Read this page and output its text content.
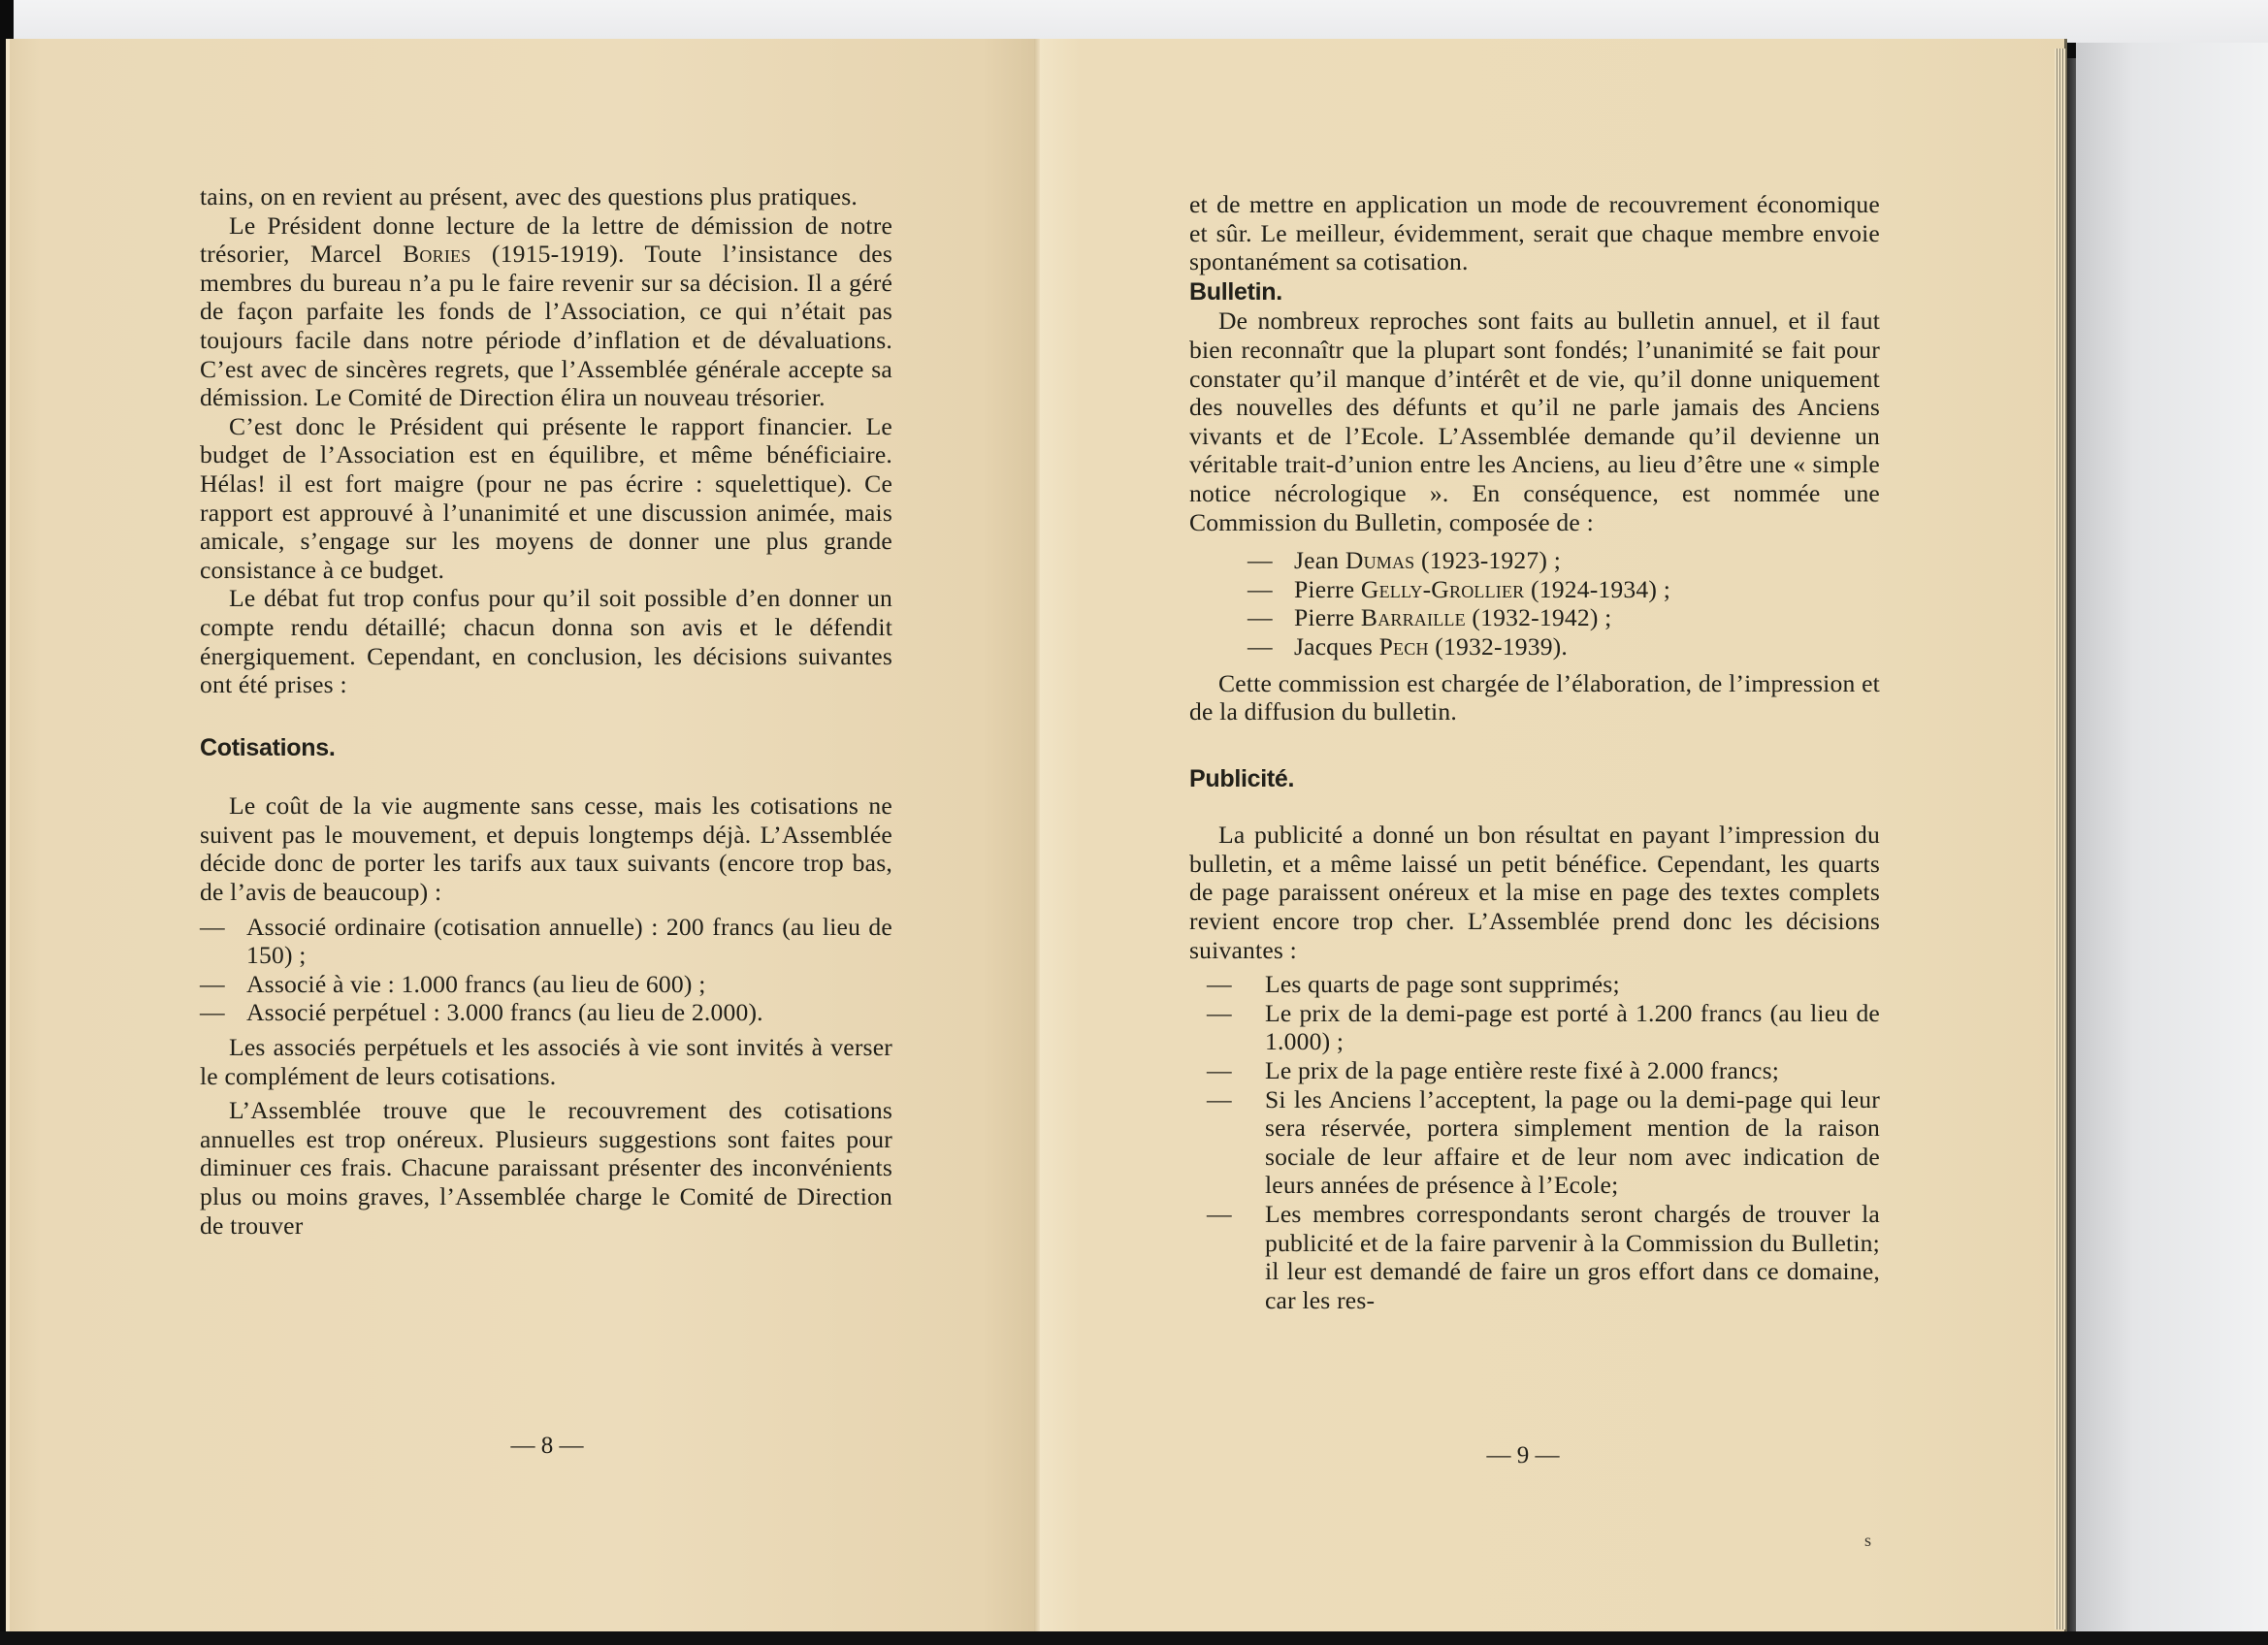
tains, on en revient au présent, avec des questions plus pratiques.

Le Président donne lecture de la lettre de démission de notre trésorier, Marcel Bories (1915-1919). Toute l’insistance des membres du bureau n’a pu le faire revenir sur sa décision. Il a géré de façon parfaite les fonds de l’Association, ce qui n’était pas toujours facile dans notre période d’inflation et de dévaluations. C’est avec de sincères regrets, que l’Assemblée générale accepte sa démission. Le Comité de Direction élira un nouveau trésorier.

C’est donc le Président qui présente le rapport financier. Le budget de l’Association est en équilibre, et même bénéficiaire. Hélas! il est fort maigre (pour ne pas écrire : squelettique). Ce rapport est approuvé à l’unanimité et une discussion animée, mais amicale, s’engage sur les moyens de donner une plus grande consistance à ce budget.

Le débat fut trop confus pour qu’il soit possible d’en donner un compte rendu détaillé; chacun donna son avis et le défendit énergiquement. Cependant, en conclusion, les décisions suivantes ont été prises :

Cotisations.

Le coût de la vie augmente sans cesse, mais les cotisations ne suivent pas le mouvement, et depuis longtemps déjà. L’Assemblée décide donc de porter les tarifs aux taux suivants (encore trop bas, de l’avis de beaucoup) :

— Associé ordinaire (cotisation annuelle) : 200 francs (au lieu de 150) ;
— Associé à vie : 1.000 francs (au lieu de 600) ;
— Associé perpétuel : 3.000 francs (au lieu de 2.000).

Les associés perpétuels et les associés à vie sont invités à verser le complément de leurs cotisations.

L’Assemblée trouve que le recouvrement des cotisations annuelles est trop onéreux. Plusieurs suggestions sont faites pour diminuer ces frais. Chacune paraissant présenter des inconvénients plus ou moins graves, l’Assemblée charge le Comité de Direction de trouver

— 8 —

et de mettre en application un mode de recouvrement économique et sûr. Le meilleur, évidemment, serait que chaque membre envoie spontanément sa cotisation.

Bulletin.

De nombreux reproches sont faits au bulletin annuel, et il faut bien reconnaîtr que la plupart sont fondés; l’unanimité se fait pour constater qu’il manque d’intérêt et de vie, qu’il donne uniquement des nouvelles des défunts et qu’il ne parle jamais des Anciens vivants et de l’Ecole. L’Assemblée demande qu’il devienne un véritable trait-d’union entre les Anciens, au lieu d’être une « simple notice nécrologique ». En conséquence, est nommée une Commission du Bulletin, composée de :

— Jean Dumas (1923-1927) ;
— Pierre Gelly-Grollier (1924-1934) ;
— Pierre Barraille (1932-1942) ;
— Jacques Pech (1932-1939).

Cette commission est chargée de l’élaboration, de l’impression et de la diffusion du bulletin.

Publicité.

La publicité a donné un bon résultat en payant l’impression du bulletin, et a même laissé un petit bénéfice. Cependant, les quarts de page paraissent onéreux et la mise en page des textes complets revient encore trop cher. L’Assemblée prend donc les décisions suivantes :

— Les quarts de page sont supprimés;
— Le prix de la demi-page est porté à 1.200 francs (au lieu de 1.000) ;
— Le prix de la page entière reste fixé à 2.000 francs;
— Si les Anciens l’acceptent, la page ou la demi-page qui leur sera réservée, portera simplement mention de la raison sociale de leur affaire et de leur nom avec indication de leurs années de présence à l’Ecole;
— Les membres correspondants seront chargés de trouver la publicité et de la faire parvenir à la Commission du Bulletin; il leur est demandé de faire un gros effort dans ce domaine, car les res-
— 9 —
s
